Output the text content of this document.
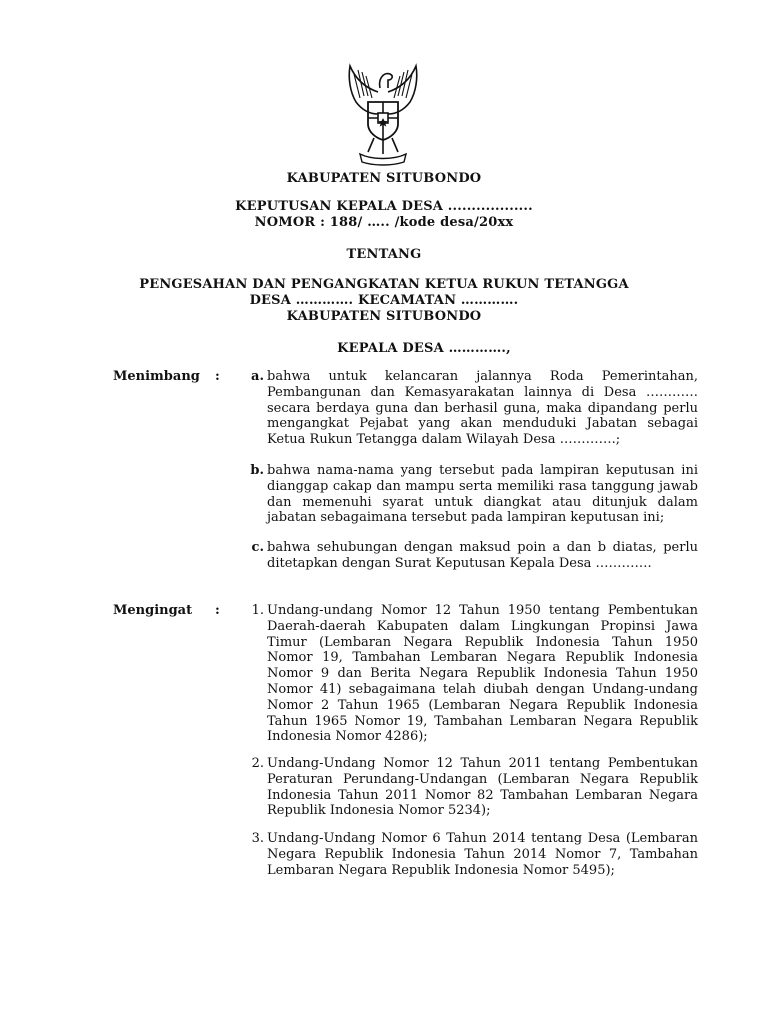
KABUPATEN SITUBONDO
KEPUTUSAN KEPALA DESA ..................
NOMOR : 188/ ….. /kode desa/20xx
TENTANG
PENGESAHAN DAN PENGANGKATAN KETUA RUKUN TETANGGA
DESA …………. KECAMATAN ………….
KABUPATEN SITUBONDO
KEPALA DESA ………….,
Menimbang :	a. bahwa untuk kelancaran jalannya Roda Pemerintahan, Pembangunan dan Kemasyarakatan lainnya di Desa ………… secara berdaya guna dan berhasil guna, maka dipandang perlu mengangkat Pejabat yang akan menduduki Jabatan sebagai Ketua Rukun Tetangga dalam Wilayah Desa ………….;
b. bahwa nama-nama yang tersebut pada lampiran keputusan ini dianggap cakap dan mampu serta memiliki rasa tanggung jawab dan memenuhi syarat untuk diangkat atau ditunjuk dalam jabatan sebagaimana tersebut pada lampiran keputusan ini;
c. bahwa sehubungan dengan maksud poin a dan b diatas, perlu ditetapkan dengan Surat Keputusan Kepala Desa ………….
Mengingat :	1. Undang-undang Nomor 12 Tahun 1950 tentang Pembentukan Daerah-daerah Kabupaten dalam Lingkungan Propinsi Jawa Timur (Lembaran Negara Republik Indonesia Tahun 1950 Nomor 19, Tambahan Lembaran Negara Republik Indonesia Nomor 9 dan Berita Negara Republik Indonesia Tahun 1950 Nomor 41) sebagaimana telah diubah dengan Undang-undang Nomor 2 Tahun 1965 (Lembaran Negara Republik Indonesia Tahun 1965 Nomor 19, Tambahan Lembaran Negara Republik Indonesia Nomor 4286);
2. Undang-Undang Nomor 12 Tahun 2011 tentang Pembentukan Peraturan Perundang-Undangan (Lembaran Negara Republik Indonesia Tahun 2011 Nomor 82 Tambahan Lembaran Negara Republik Indonesia Nomor 5234);
3. Undang-Undang Nomor 6 Tahun 2014 tentang Desa (Lembaran Negara Republik Indonesia Tahun 2014 Nomor 7, Tambahan Lembaran Negara Republik Indonesia Nomor 5495);
